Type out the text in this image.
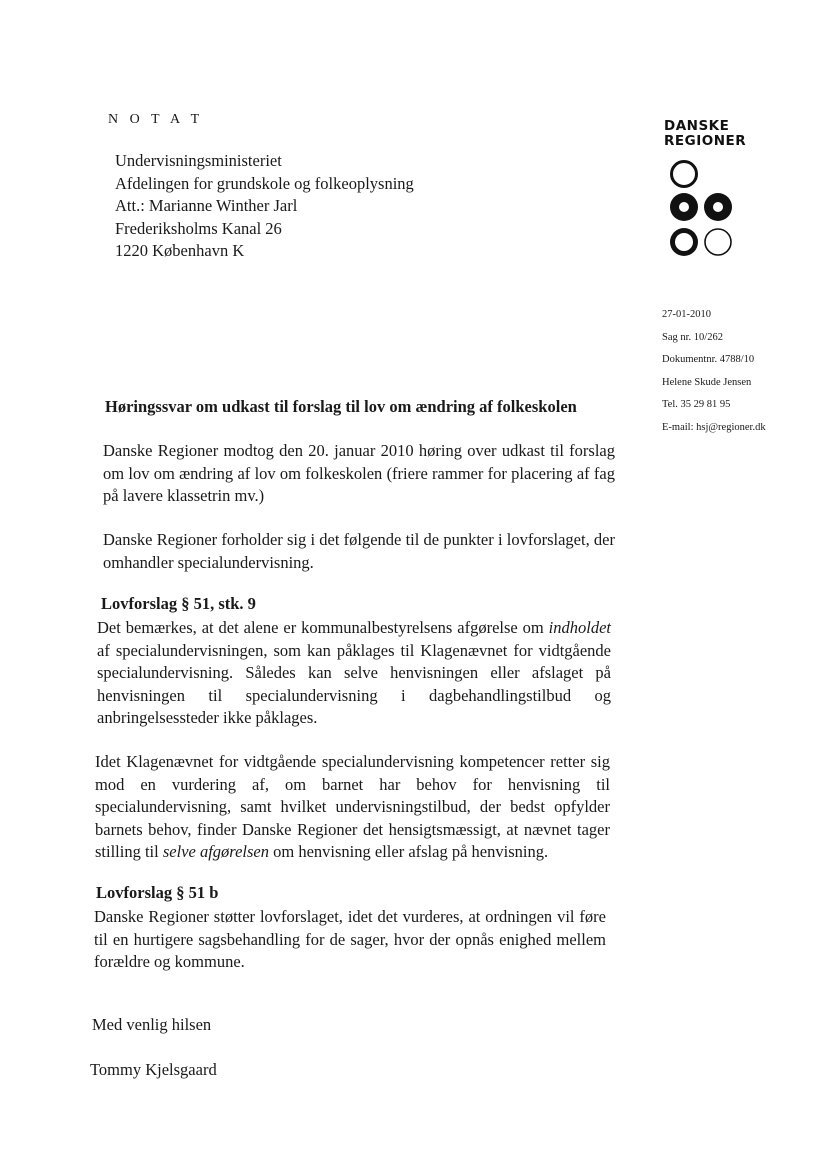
N O T A T
Undervisningsministeriet
Afdelingen for grundskole og folkeoplysning
Att.: Marianne Winther Jarl
Frederiksholms Kanal 26
1220 København K
DANSKE
REGIONER
27-01-2010
Sag nr. 10/262
Dokumentnr. 4788/10
Helene Skude Jensen
Tel. 35 29 81 95
E-mail: hsj@regioner.dk
Høringssvar om udkast til forslag til lov om ændring af folkeskolen
Danske Regioner modtog den 20. januar 2010 høring over udkast til forslag om lov om ændring af lov om folkeskolen (friere rammer for placering af fag på lavere klassetrin mv.)
Danske Regioner forholder sig i det følgende til de punkter i lovforslaget, der omhandler specialundervisning.
Lovforslag § 51, stk. 9
Det bemærkes, at det alene er kommunalbestyrelsens afgørelse om indholdet af specialundervisningen, som kan påklages til Klagenævnet for vidtgående specialundervisning. Således kan selve henvisningen eller afslaget på henvisningen til specialundervisning i dagbehandlingstilbud og anbringelsessteder ikke påklages.
Idet Klagenævnet for vidtgående specialundervisning kompetencer retter sig mod en vurdering af, om barnet har behov for henvisning til specialundervisning, samt hvilket undervisningstilbud, der bedst opfylder barnets behov, finder Danske Regioner det hensigtsmæssigt, at nævnet tager stilling til selve afgørelsen om henvisning eller afslag på henvisning.
Lovforslag § 51 b
Danske Regioner støtter lovforslaget, idet det vurderes, at ordningen vil føre til en hurtigere sagsbehandling for de sager, hvor der opnås enighed mellem forældre og kommune.
Med venlig hilsen
Tommy Kjelsgaard
